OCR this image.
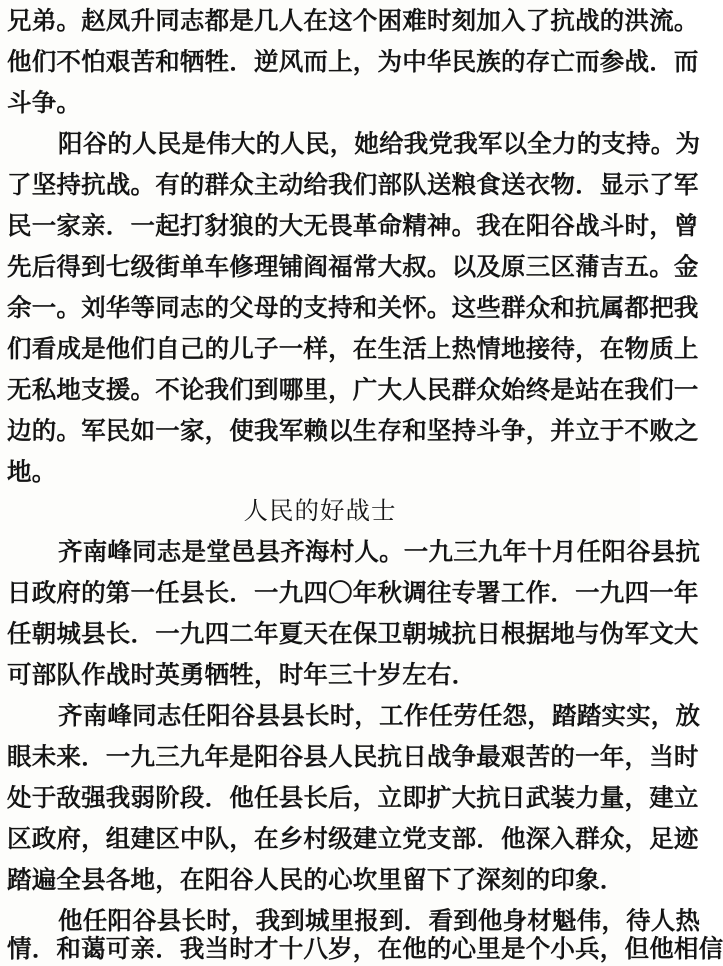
兄弟。赵凤升同志都是几人在这个困难时刻加入了抗战的洪流。
他们不怕艰苦和牺牲．逆风而上，为中华民族的存亡而参战．而
斗争。
阳谷的人民是伟大的人民，她给我党我军以全力的支持。为
了坚持抗战。有的群众主动给我们部队送粮食送衣物．显示了军
民一家亲．一起打豺狼的大无畏革命精神。我在阳谷战斗时，曾
先后得到七级街单车修理铺阎福常大叔。以及原三区蒲吉五。金
余一。刘华等同志的父母的支持和关怀。这些群众和抗属都把我
们看成是他们自己的儿子一样，在生活上热情地接待，在物质上
无私地支援。不论我们到哪里，广大人民群众始终是站在我们一
边的。军民如一家，使我军赖以生存和坚持斗争，并立于不败之
地。
人民的好战士
齐南峰同志是堂邑县齐海村人。一九三九年十月任阳谷县抗
日政府的第一任县长．一九四〇年秋调往专署工作．一九四一年
任朝城县长．一九四二年夏天在保卫朝城抗日根据地与伪军文大
可部队作战时英勇牺牲，时年三十岁左右．
齐南峰同志任阳谷县县长时，工作任劳任怨，踏踏实实，放
眼未来．一九三九年是阳谷县人民抗日战争最艰苦的一年，当时
处于敌强我弱阶段．他任县长后，立即扩大抗日武装力量，建立
区政府，组建区中队，在乡村级建立党支部．他深入群众，足迹
踏遍全县各地，在阳谷人民的心坎里留下了深刻的印象．
他任阳谷县长时，我到城里报到．看到他身材魁伟，待人热
情．和蔼可亲．我当时才十八岁，在他的心里是个小兵，但他相信
